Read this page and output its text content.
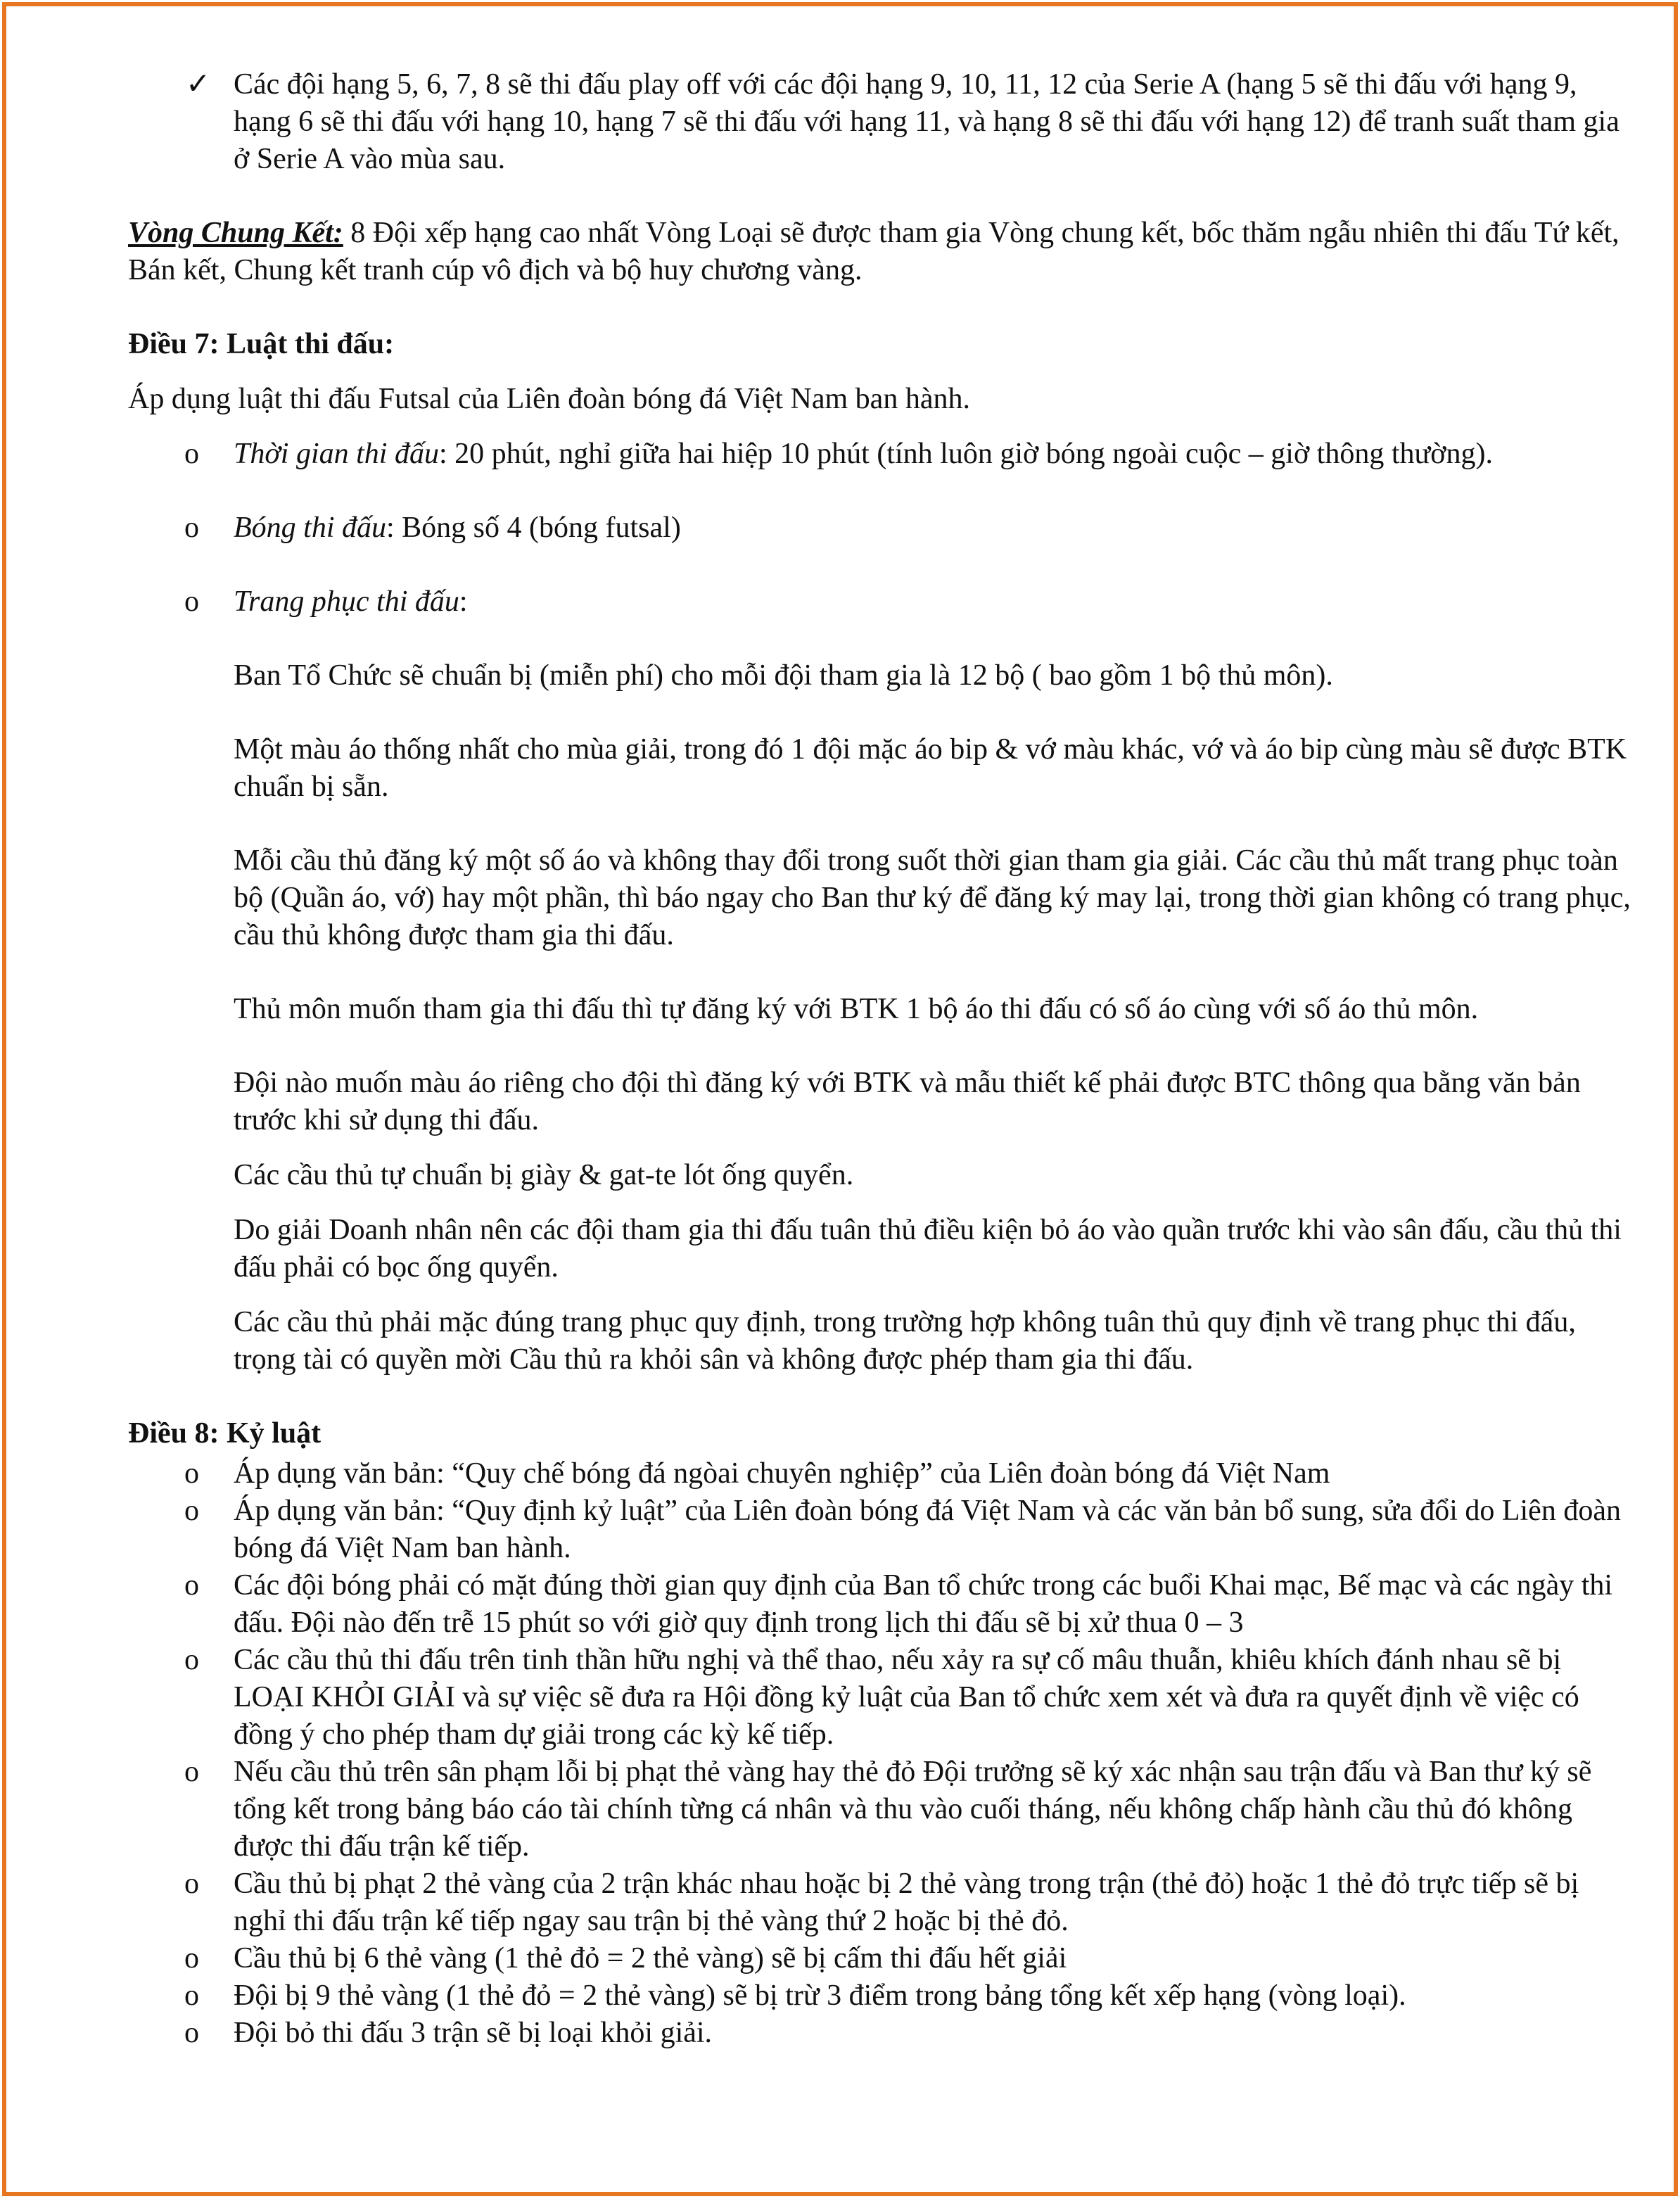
✓ Các đội hạng 5, 6, 7, 8 sẽ thi đấu play off với các đội hạng 9, 10, 11, 12 của Serie A (hạng 5 sẽ thi đấu với hạng 9, hạng 6 sẽ thi đấu với hạng 10, hạng 7 sẽ thi đấu với hạng 11, và hạng 8 sẽ thi đấu với hạng 12) để tranh suất tham gia ở Serie A vào mùa sau.

Vòng Chung Kết: 8 Đội xếp hạng cao nhất Vòng Loại sẽ được tham gia Vòng chung kết, bốc thăm ngẫu nhiên thi đấu Tứ kết, Bán kết, Chung kết tranh cúp vô địch và bộ huy chương vàng.

Điều 7: Luật thi đấu:

Áp dụng luật thi đấu Futsal của Liên đoàn bóng đá Việt Nam ban hành.

o Thời gian thi đấu: 20 phút, nghỉ giữa hai hiệp 10 phút (tính luôn giờ bóng ngoài cuộc – giờ thông thường).
o Bóng thi đấu: Bóng số 4 (bóng futsal)
o Trang phục thi đấu:

Ban Tổ Chức sẽ chuẩn bị (miễn phí) cho mỗi đội tham gia là 12 bộ ( bao gồm 1 bộ thủ môn).

Một màu áo thống nhất cho mùa giải, trong đó 1 đội mặc áo bip & vớ màu khác, vớ và áo bip cùng màu sẽ được BTK chuẩn bị sẵn.

Mỗi cầu thủ đăng ký một số áo và không thay đổi trong suốt thời gian tham gia giải. Các cầu thủ mất trang phục toàn bộ (Quần áo, vớ) hay một phần, thì báo ngay cho Ban thư ký để đăng ký may lại, trong thời gian không có trang phục, cầu thủ không được tham gia thi đấu.

Thủ môn muốn tham gia thi đấu thì tự đăng ký với BTK 1 bộ áo thi đấu có số áo cùng với số áo thủ môn.

Đội nào muốn màu áo riêng cho đội thì đăng ký với BTK và mẫu thiết kế phải được BTC thông qua bằng văn bản trước khi sử dụng thi đấu.

Các cầu thủ tự chuẩn bị giày & gat-te lót ống quyển.

Do giải Doanh nhân nên các đội tham gia thi đấu tuân thủ điều kiện bỏ áo vào quần trước khi vào sân đấu, cầu thủ thi đấu phải có bọc ống quyển.

Các cầu thủ phải mặc đúng trang phục quy định, trong trường hợp không tuân thủ quy định về trang phục thi đấu, trọng tài có quyền mời Cầu thủ ra khỏi sân và không được phép tham gia thi đấu.

Điều 8: Kỷ luật
o Áp dụng văn bản: “Quy chế bóng đá ngòai chuyên nghiệp” của Liên đoàn bóng đá Việt Nam
o Áp dụng văn bản: “Quy định kỷ luật” của Liên đoàn bóng đá Việt Nam và các văn bản bổ sung, sửa đổi do Liên đoàn bóng đá Việt Nam ban hành.
o Các đội bóng phải có mặt đúng thời gian quy định của Ban tổ chức trong các buổi Khai mạc, Bế mạc và các ngày thi đấu. Đội nào đến trễ 15 phút so với giờ quy định trong lịch thi đấu sẽ bị xử thua 0 – 3
o Các cầu thủ thi đấu trên tinh thần hữu nghị và thể thao, nếu xảy ra sự cố mâu thuẫn, khiêu khích đánh nhau sẽ bị LOẠI KHỎI GIẢI và sự việc sẽ đưa ra Hội đồng kỷ luật của Ban tổ chức xem xét và đưa ra quyết định về việc có đồng ý cho phép tham dự giải trong các kỳ kế tiếp.
o Nếu cầu thủ trên sân phạm lỗi bị phạt thẻ vàng hay thẻ đỏ Đội trưởng sẽ ký xác nhận sau trận đấu và Ban thư ký sẽ tổng kết trong bảng báo cáo tài chính từng cá nhân và thu vào cuối tháng, nếu không chấp hành cầu thủ đó không được thi đấu trận kế tiếp.
o Cầu thủ bị phạt 2 thẻ vàng của 2 trận khác nhau hoặc bị 2 thẻ vàng trong trận (thẻ đỏ) hoặc 1 thẻ đỏ trực tiếp sẽ bị nghỉ thi đấu trận kế tiếp ngay sau trận bị thẻ vàng thứ 2 hoặc bị thẻ đỏ.
o Cầu thủ bị 6 thẻ vàng (1 thẻ đỏ = 2 thẻ vàng) sẽ bị cấm thi đấu hết giải
o Đội bị 9 thẻ vàng (1 thẻ đỏ = 2 thẻ vàng) sẽ bị trừ 3 điểm trong bảng tổng kết xếp hạng (vòng loại).
o Đội bỏ thi đấu 3 trận sẽ bị loại khỏi giải.
